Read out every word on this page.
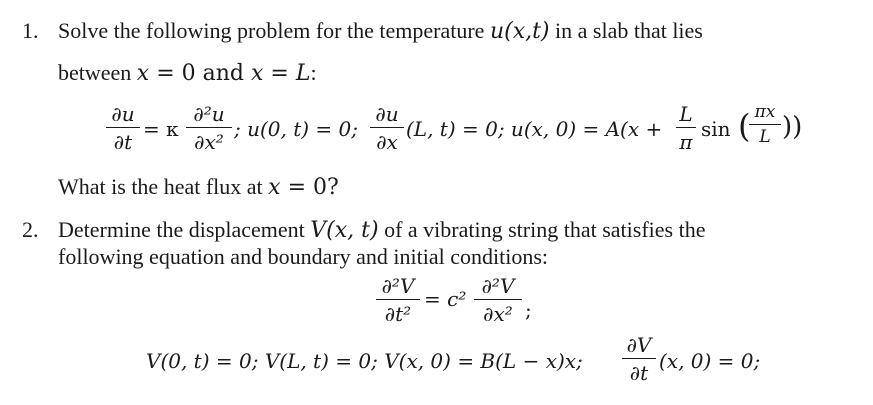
1. Solve the following problem for the temperature u(x,t) in a slab that lies
between x = 0 and x = L:
∂u
∂t
= κ
∂²u
∂x²
; u(0, t) = 0;
∂u
∂x
(L, t) = 0; u(x, 0) = A(x +
L
π
sin ( πx
L ))
What is the heat flux at x = 0?
2. Determine the displacement V(x, t) of a vibrating string that satisfies the
following equation and boundary and initial conditions:
∂²V
∂t²
= c²
∂²V
∂x² ;
V(0, t) = 0; V(L, t) = 0; V(x, 0) = B(L − x)x;
∂V
∂t (x, 0) = 0;
